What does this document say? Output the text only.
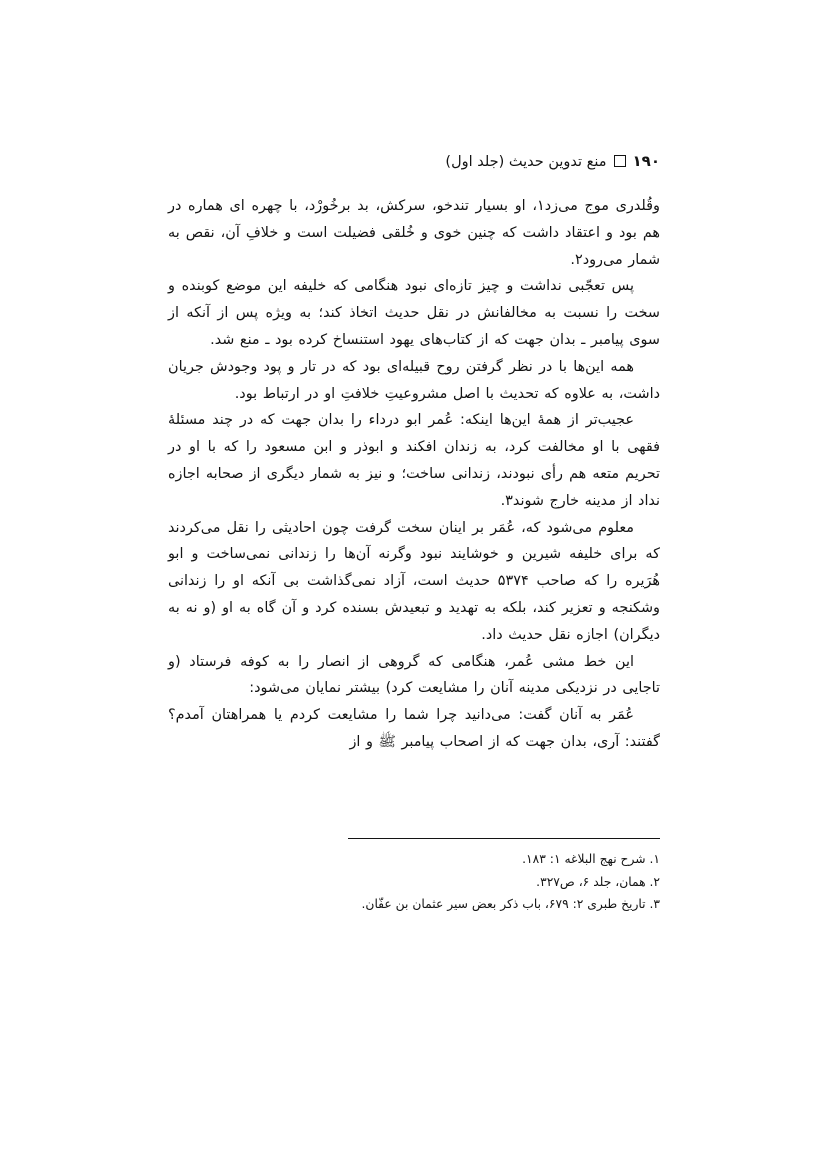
۱۹۰منع تدوين حديث (جلد اول)

وقُلدری موج می‌زد۱، او بسیار تندخو، سرکش، بد برخُورْد، با چهره ای هماره در هم بود و اعتقاد داشت که چنین خوی و خُلقی فضیلت است و خلافِ آن، نقص به شمار می‌رود۲.

پس تعجّبی نداشت و چیز تازه‌ای نبود هنگامی که خلیفه این موضع کوبنده و سخت را نسبت به مخالفانش در نقل حدیث اتخاذ کند؛ به ویژه پس از آنکه از سوی پیامبر ـ بدان جهت که از کتاب‌های یهود استنساخ کرده بود ـ منع شد.

همه این‌ها با در نظر گرفتن روح قبیله‌ای بود که در تار و پود وجودش جریان داشت، به علاوه که تحدیث با اصل مشروعیتِ خلافتِ او در ارتباط بود.

عجیب‌تر از همهٔ این‌ها اینکه: عُمر ابو درداء را بدان جهت که در چند مسئلهٔ فقهی با او مخالفت کرد، به زندان افکند و ابوذر و ابن مسعود را که با او در تحریم متعه هم رأی نبودند، زندانی ساخت؛ و نیز به شمار دیگری از صحابه اجازه نداد از مدینه خارج شوند۳.

معلوم می‌شود که، عُمَر بر اینان سخت گرفت چون احادیثی را نقل می‌کردند که برای خلیفه شیرین و خوشایند نبود وگرنه آن‌ها را زندانی نمی‌ساخت و ابو هُرَیره را که صاحب ۵۳۷۴ حدیث است، آزاد نمی‌گذاشت بی آنکه او را زندانی وشکنجه و تعزیر کند، بلکه به تهدید و تبعیدش بسنده کرد و آن گاه به او (و نه به دیگران) اجازه نقل حدیث داد.

این خط مشی عُمر، هنگامی که گروهی از انصار را به کوفه فرستاد (و تاجایی در نزدیکی مدینه آنان را مشایعت کرد) بیشتر نمایان می‌شود:

عُمَر به آنان گفت: می‌دانید چرا شما را مشایعت کردم یا همراهتان آمدم؟ گفتند: آری، بدان جهت که از اصحاب پیامبر ﷺ و از

۱. شرح نهج البلاغه ۱: ۱۸۳.

۲. همان، جلد ۶، ص۳۲۷.

۳. تاریخ طبری ۲: ۶۷۹، باب ذکر بعض سیر عثمان بن عفّان.
